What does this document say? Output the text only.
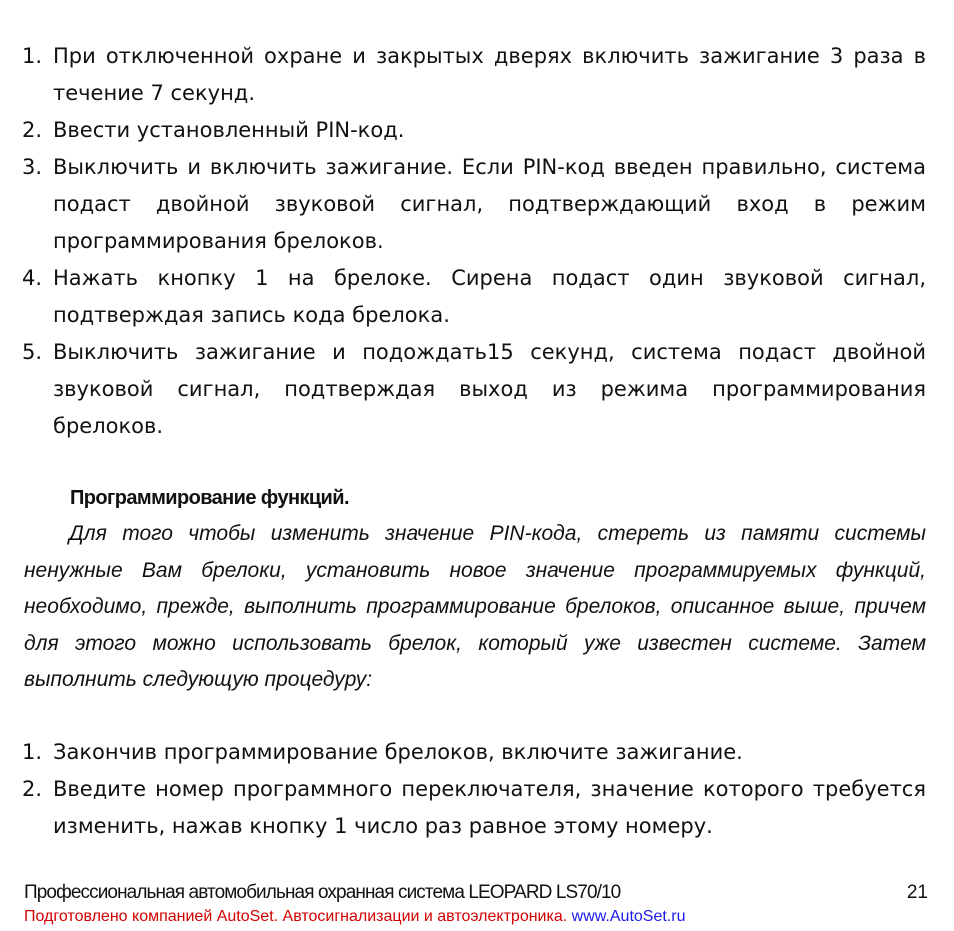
1. При отключенной охране и закрытых дверях включить зажигание 3 раза в течение 7 секунд.
2. Ввести установленный PIN-код.
3. Выключить и включить зажигание. Если PIN-код введен правильно, система подаст двойной звуковой сигнал, подтверждающий вход в режим программирования брелоков.
4. Нажать кнопку 1 на брелоке. Сирена подаст один звуковой сигнал, подтверждая запись кода брелока.
5. Выключить зажигание и подождать15 секунд, система подаст двойной звуковой сигнал, подтверждая выход из режима программирования брелоков.
Программирование функций.

Для того чтобы изменить значение PIN-кода, стереть из памяти системы ненужные Вам брелоки, установить новое значение программируемых функций, необходимо, прежде, выполнить программирование брелоков, описанное выше, причем для этого можно использовать брелок, который уже известен системе. Затем выполнить следующую процедуру:

1. Закончив программирование брелоков, включите зажигание.
2. Введите номер программного переключателя, значение которого требуется изменить, нажав кнопку 1 число раз равное этому номеру.
Профессиональная автомобильная охранная система LEOPARD LS70/10	21
Подготовлено компанией AutoSet. Автосигнализации и автоэлектроника. www.AutoSet.ru
